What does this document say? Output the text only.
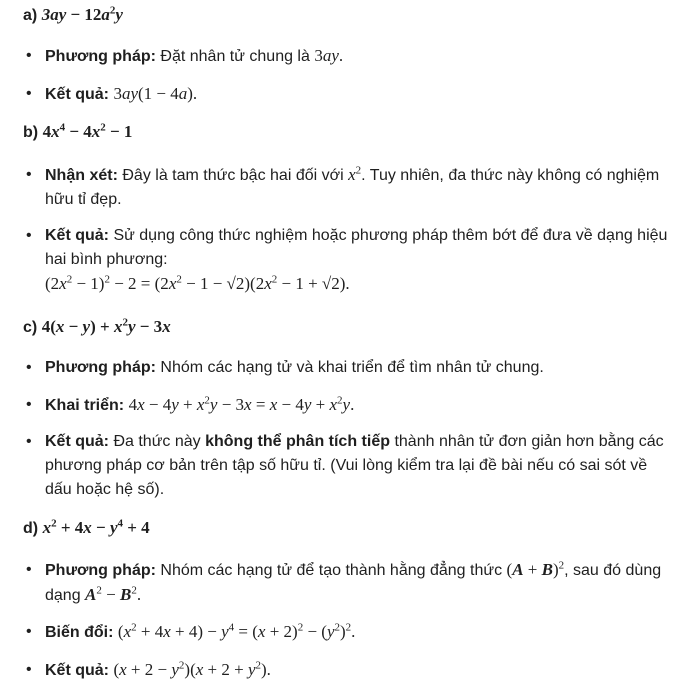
a) $3ay - 12a^2y$
• Phương pháp: Đặt nhân tử chung là 3ay.
• Kết quả: 3ay(1 − 4a).
b) $4x^4 - 4x^2 - 1$
• Nhận xét: Đây là tam thức bậc hai đối với $x^2$. Tuy nhiên, đa thức này không có nghiệm
hữu tỉ đẹp.
• Kết quả: Sử dụng công thức nghiệm hoặc phương pháp thêm bớt để đưa về dạng hiệu
hai bình phương:
$(2x^2 - 1)^2 - 2 = (2x^2 - 1 - √2)(2x^2 - 1 + √2)$.
c) $4(x - y) + x^2y - 3x$
• Phương pháp: Nhóm các hạng tử và khai triển để tìm nhân tử chung.
• Khai triển: $4x - 4y + x^2y - 3x = x - 4y + x^2y$.
• Kết quả: Đa thức này không thể phân tích tiếp thành nhân tử đơn giản hơn bằng các
phương pháp cơ bản trên tập số hữu tỉ. (Vui lòng kiểm tra lại đề bài nếu có sai sót về
dấu hoặc hệ số).
d) $x^2 + 4x - y^4 + 4$
• Phương pháp: Nhóm các hạng tử để tạo thành hằng đẳng thức $(A + B)^2$, sau đó dùng
dạng $A^2 - B^2$.
• Biến đổi: $(x^2 + 4x + 4) - y^4 = (x + 2)^2 - (y^2)^2$.
• Kết quả: $(x + 2 - y^2)(x + 2 + y^2)$.
